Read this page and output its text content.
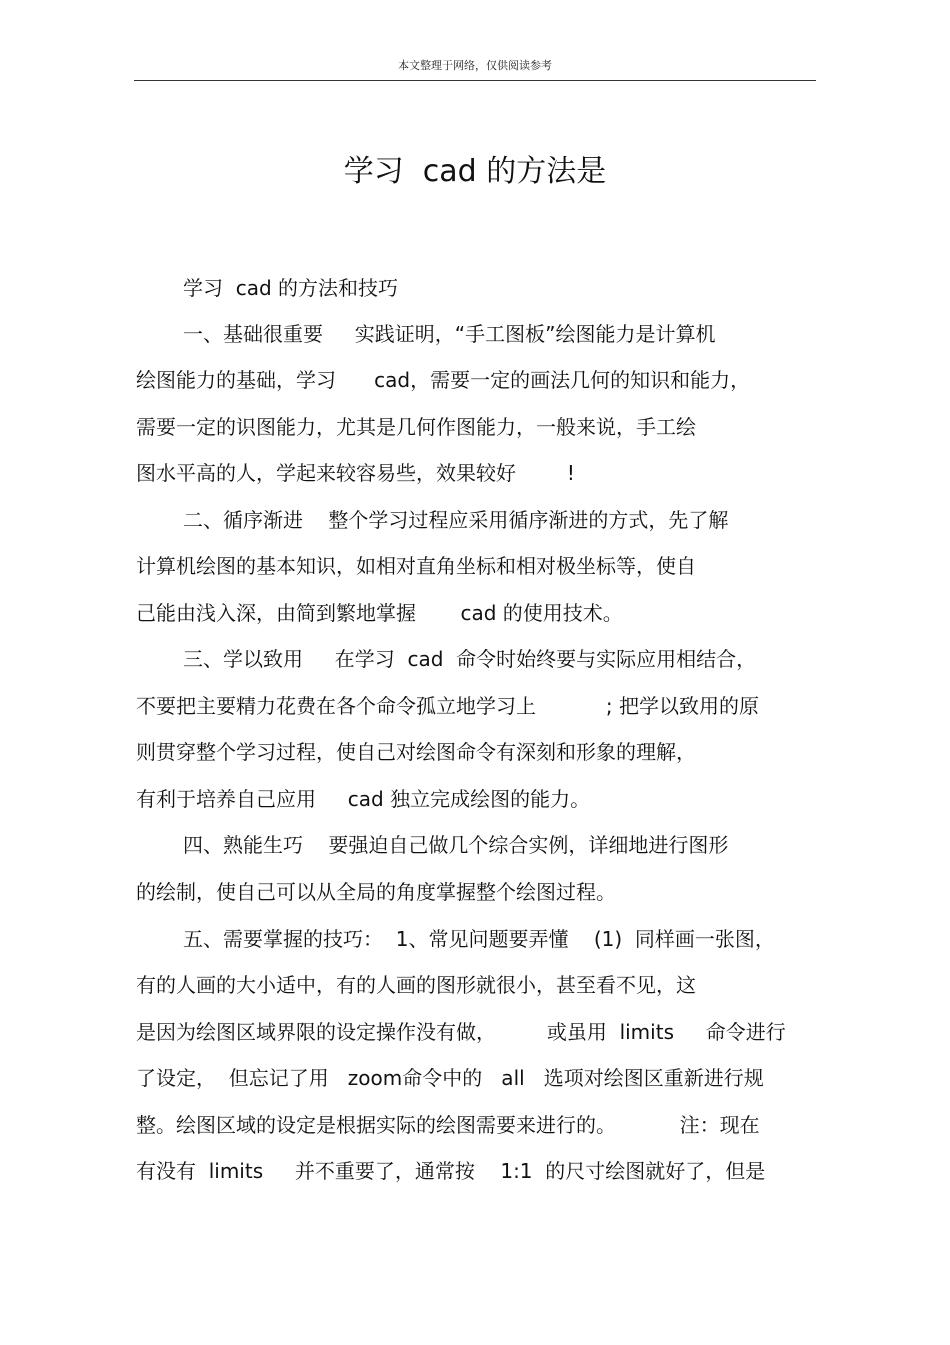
本文整理于网络，仅供阅读参考
学习  cad 的方法是
学习  cad 的方法和技巧
一、基础很重要     实践证明，“手工图板”绘图能力是计算机
绘图能力的基础，学习      cad，需要一定的画法几何的知识和能力，
需要一定的识图能力，尤其是几何作图能力，一般来说，手工绘
图水平高的人，学起来较容易些，效果较好        !
二、循序渐进    整个学习过程应采用循序渐进的方式，先了解
计算机绘图的基本知识，如相对直角坐标和相对极坐标等，使自
己能由浅入深，由简到繁地掌握       cad 的使用技术。
三、学以致用     在学习  cad  命令时始终要与实际应用相结合，
不要把主要精力花费在各个命令孤立地学习上           ; 把学以致用的原
则贯穿整个学习过程，使自己对绘图命令有深刻和形象的理解，
有利于培养自己应用     cad 独立完成绘图的能力。
四、熟能生巧    要强迫自己做几个综合实例，详细地进行图形
的绘制，使自己可以从全局的角度掌握整个绘图过程。
五、需要掌握的技巧：  1、常见问题要弄懂    (1)  同样画一张图，
有的人画的大小适中，有的人画的图形就很小，甚至看不见，这
是因为绘图区域界限的设定操作没有做，        或虽用  limits     命令进行
了设定，  但忘记了用   zoom命令中的   all   选项对绘图区重新进行规
整。绘图区域的设定是根据实际的绘图需要来进行的。          注：现在
有没有  limits     并不重要了，通常按    1:1  的尺寸绘图就好了，但是
